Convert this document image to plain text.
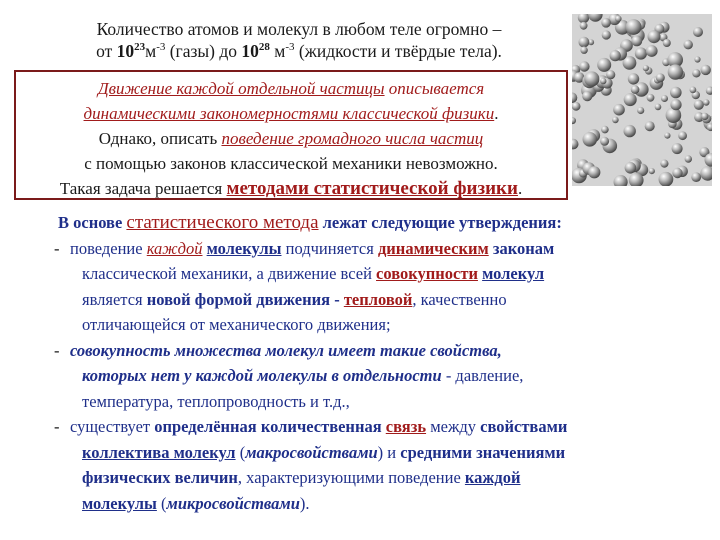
Количество атомов и молекул в любом теле огромно –
от $10^{23}м^{-3}$ (газы) до $10^{28}$ $м^{-3}$ (жидкости и твёрдые тела).
Движение каждой отдельной частицы описывается
динамическими закономерностями классической физики.
Однако, описать поведение громадного числа частиц
с помощью законов классической механики невозможно.
Такая задача решается методами статистической физики.
В основе статистического метода лежат следующие утверждения:
- поведение каждой молекулы подчиняется динамическим законам
классической механики, а движение всей совокупности молекул
является новой формой движения - тепловой, качественно
отличающейся от механического движения;
- совокупность множества молекул имеет такие свойства,
которых нет у каждой молекулы в отдельности - давление,
температура, теплопроводность и т.д.,
- существует определённая количественная связь между свойствами
коллектива молекул (макросвойствами) и средними значениями
физических величин, характеризующими поведение каждой
молекулы (микросвойствами).
